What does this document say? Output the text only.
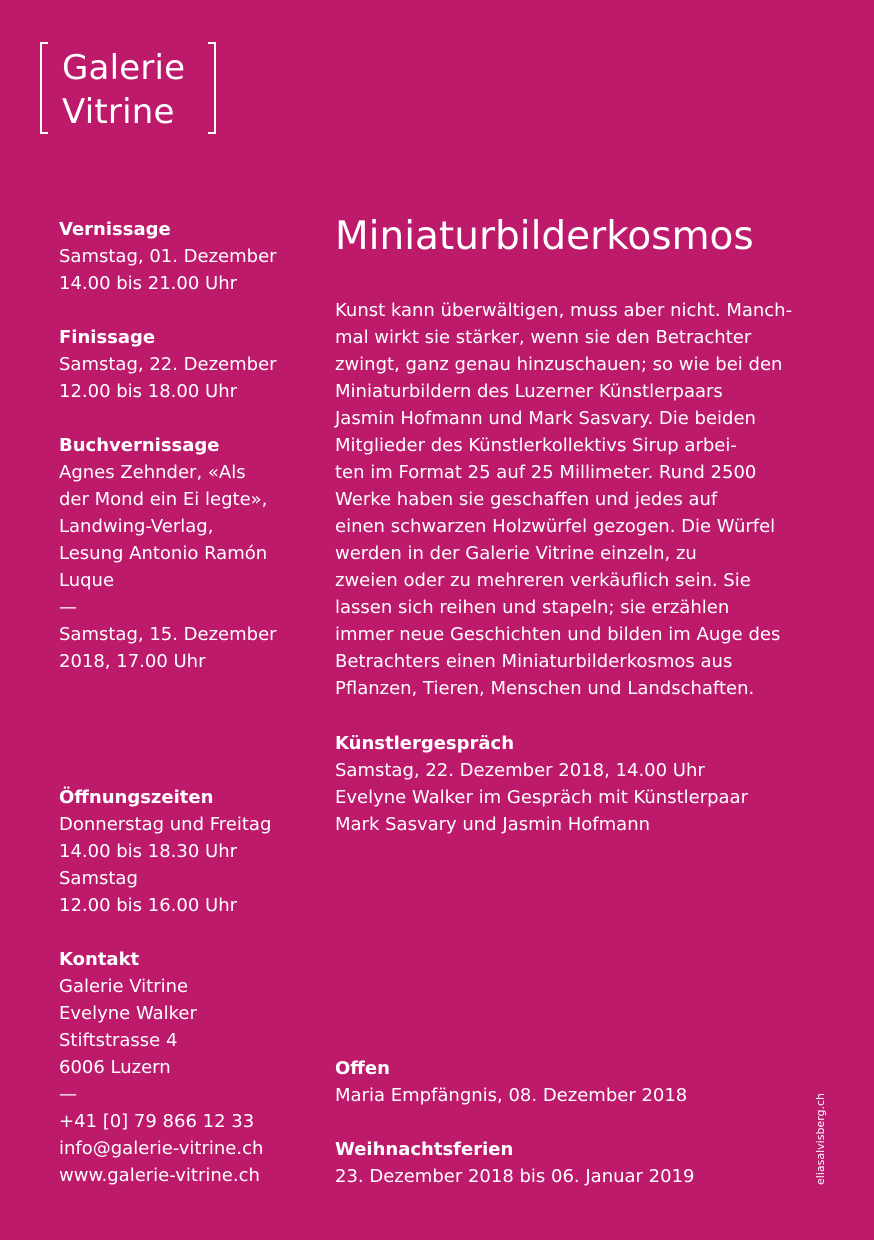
Galerie
Vitrine

Vernissage

Samstag, 01. Dezember

14.00 bis 21.00 Uhr

Finissage

Samstag, 22. Dezember

12.00 bis 18.00 Uhr

Buchvernissage

Agnes Zehnder, «Als

der Mond ein Ei legte»,

Landwing-Verlag,

Lesung Antonio Ramón

Luque

—

Samstag, 15. Dezember

2018, 17.00 Uhr

Öffnungszeiten

Donnerstag und Freitag

14.00 bis 18.30 Uhr

Samstag

12.00 bis 16.00 Uhr

Kontakt

Galerie Vitrine

Evelyne Walker

Stiftstrasse 4

6006 Luzern

—

+41 [0] 79 866 12 33

info@galerie-vitrine.ch

www.galerie-vitrine.ch

Miniaturbilderkosmos

Kunst kann überwältigen, muss aber nicht. Manch-

mal wirkt sie stärker, wenn sie den Betrachter

zwingt, ganz genau hinzuschauen; so wie bei den

Miniaturbildern des Luzerner Künstlerpaars

Jasmin Hofmann und Mark Sasvary. Die beiden

Mitglieder des Künstlerkollektivs Sirup arbei-

ten im Format 25 auf 25 Millimeter. Rund 2500

Werke haben sie geschaffen und jedes auf

einen schwarzen Holzwürfel gezogen. Die Würfel

werden in der Galerie Vitrine einzeln, zu

zweien oder zu mehreren verkäuflich sein. Sie

lassen sich reihen und stapeln; sie erzählen

immer neue Geschichten und bilden im Auge des

Betrachters einen Miniaturbilderkosmos aus

Pflanzen, Tieren, Menschen und Landschaften.

Künstlergespräch

Samstag, 22. Dezember 2018, 14.00 Uhr

Evelyne Walker im Gespräch mit Künstlerpaar

Mark Sasvary und Jasmin Hofmann

Offen

Maria Empfängnis, 08. Dezember 2018

Weihnachtsferien

23. Dezember 2018 bis 06. Januar 2019	eliasalvisberg.ch
